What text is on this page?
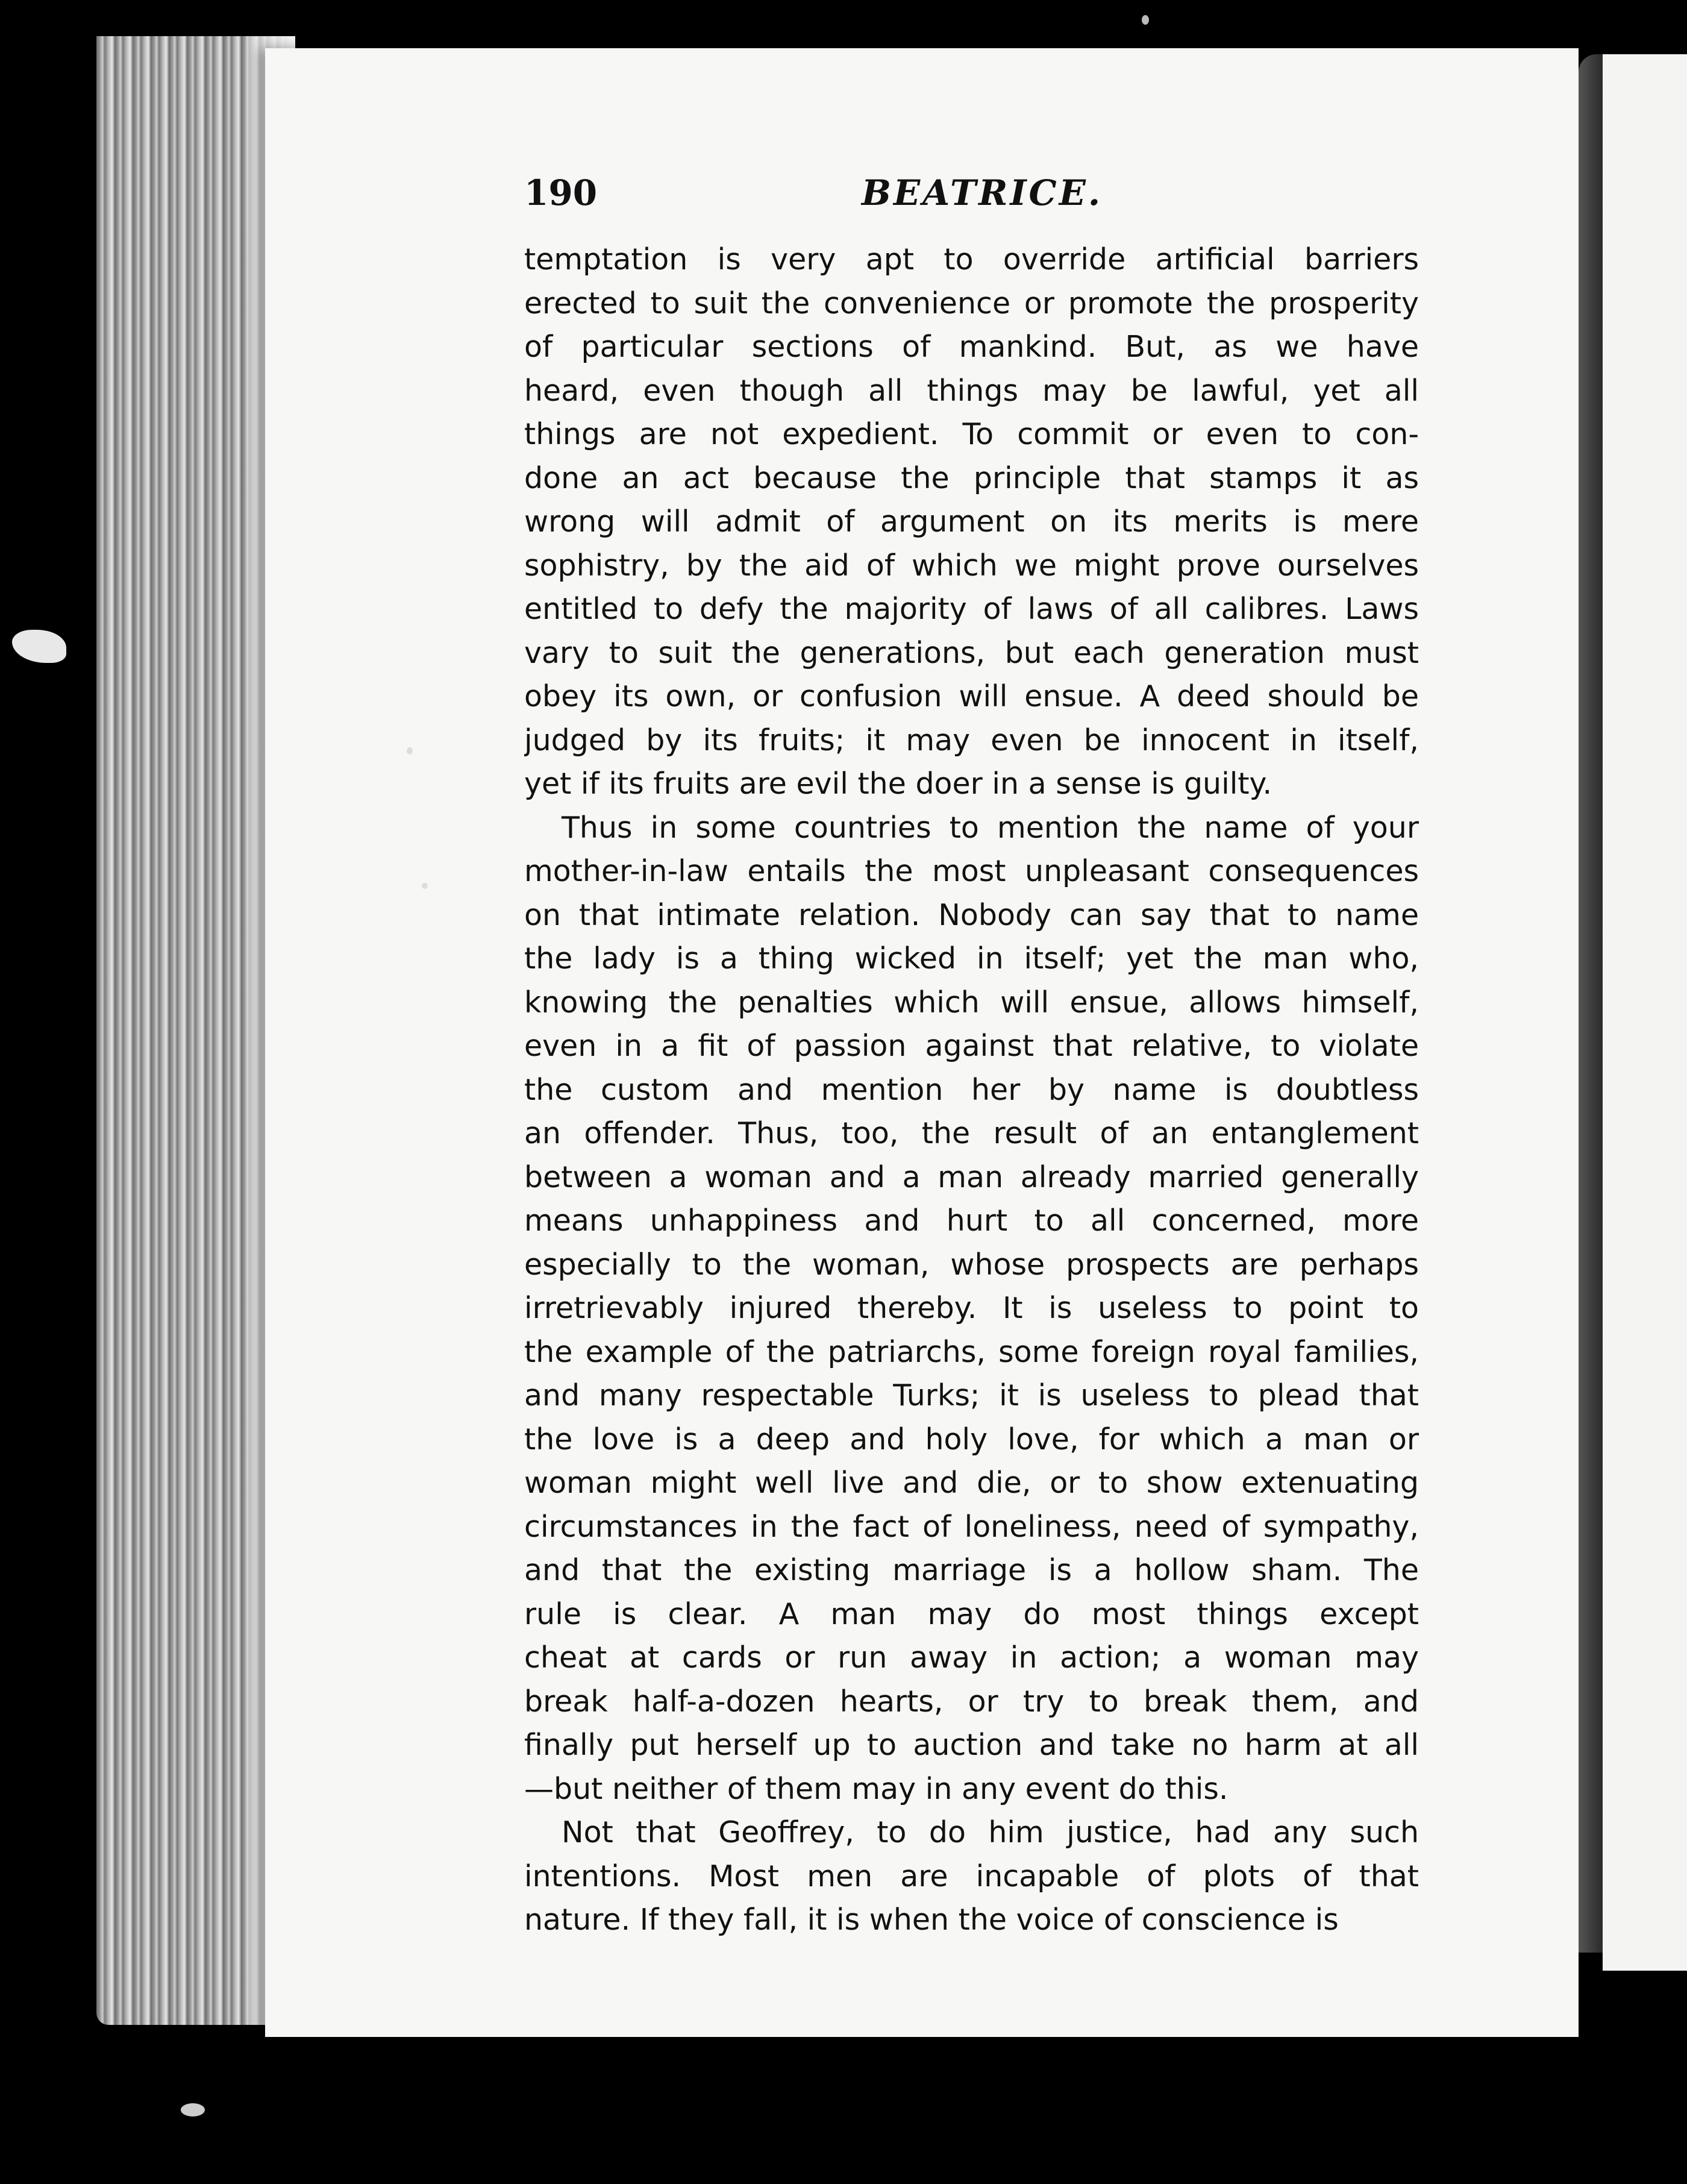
190	BEATRICE.
temptation is very apt to override artificial barriers
erected to suit the convenience or promote the prosperity
of particular sections of mankind. But, as we have
heard, even though all things may be lawful, yet all
things are not expedient. To commit or even to con-
done an act because the principle that stamps it as
wrong will admit of argument on its merits is mere
sophistry, by the aid of which we might prove ourselves
entitled to defy the majority of laws of all calibres. Laws
vary to suit the generations, but each generation must
obey its own, or confusion will ensue. A deed should be
judged by its fruits; it may even be innocent in itself,
yet if its fruits are evil the doer in a sense is guilty.
Thus in some countries to mention the name of your
mother-in-law entails the most unpleasant consequences
on that intimate relation. Nobody can say that to name
the lady is a thing wicked in itself; yet the man who,
knowing the penalties which will ensue, allows himself,
even in a fit of passion against that relative, to violate
the custom and mention her by name is doubtless
an offender. Thus, too, the result of an entanglement
between a woman and a man already married generally
means unhappiness and hurt to all concerned, more
especially to the woman, whose prospects are perhaps
irretrievably injured thereby. It is useless to point to
the example of the patriarchs, some foreign royal families,
and many respectable Turks; it is useless to plead that
the love is a deep and holy love, for which a man or
woman might well live and die, or to show extenuating
circumstances in the fact of loneliness, need of sympathy,
and that the existing marriage is a hollow sham. The
rule is clear. A man may do most things except
cheat at cards or run away in action; a woman may
break half-a-dozen hearts, or try to break them, and
finally put herself up to auction and take no harm at all
—but neither of them may in any event do this.
Not that Geoffrey, to do him justice, had any such
intentions. Most men are incapable of plots of that
nature. If they fall, it is when the voice of conscience is
